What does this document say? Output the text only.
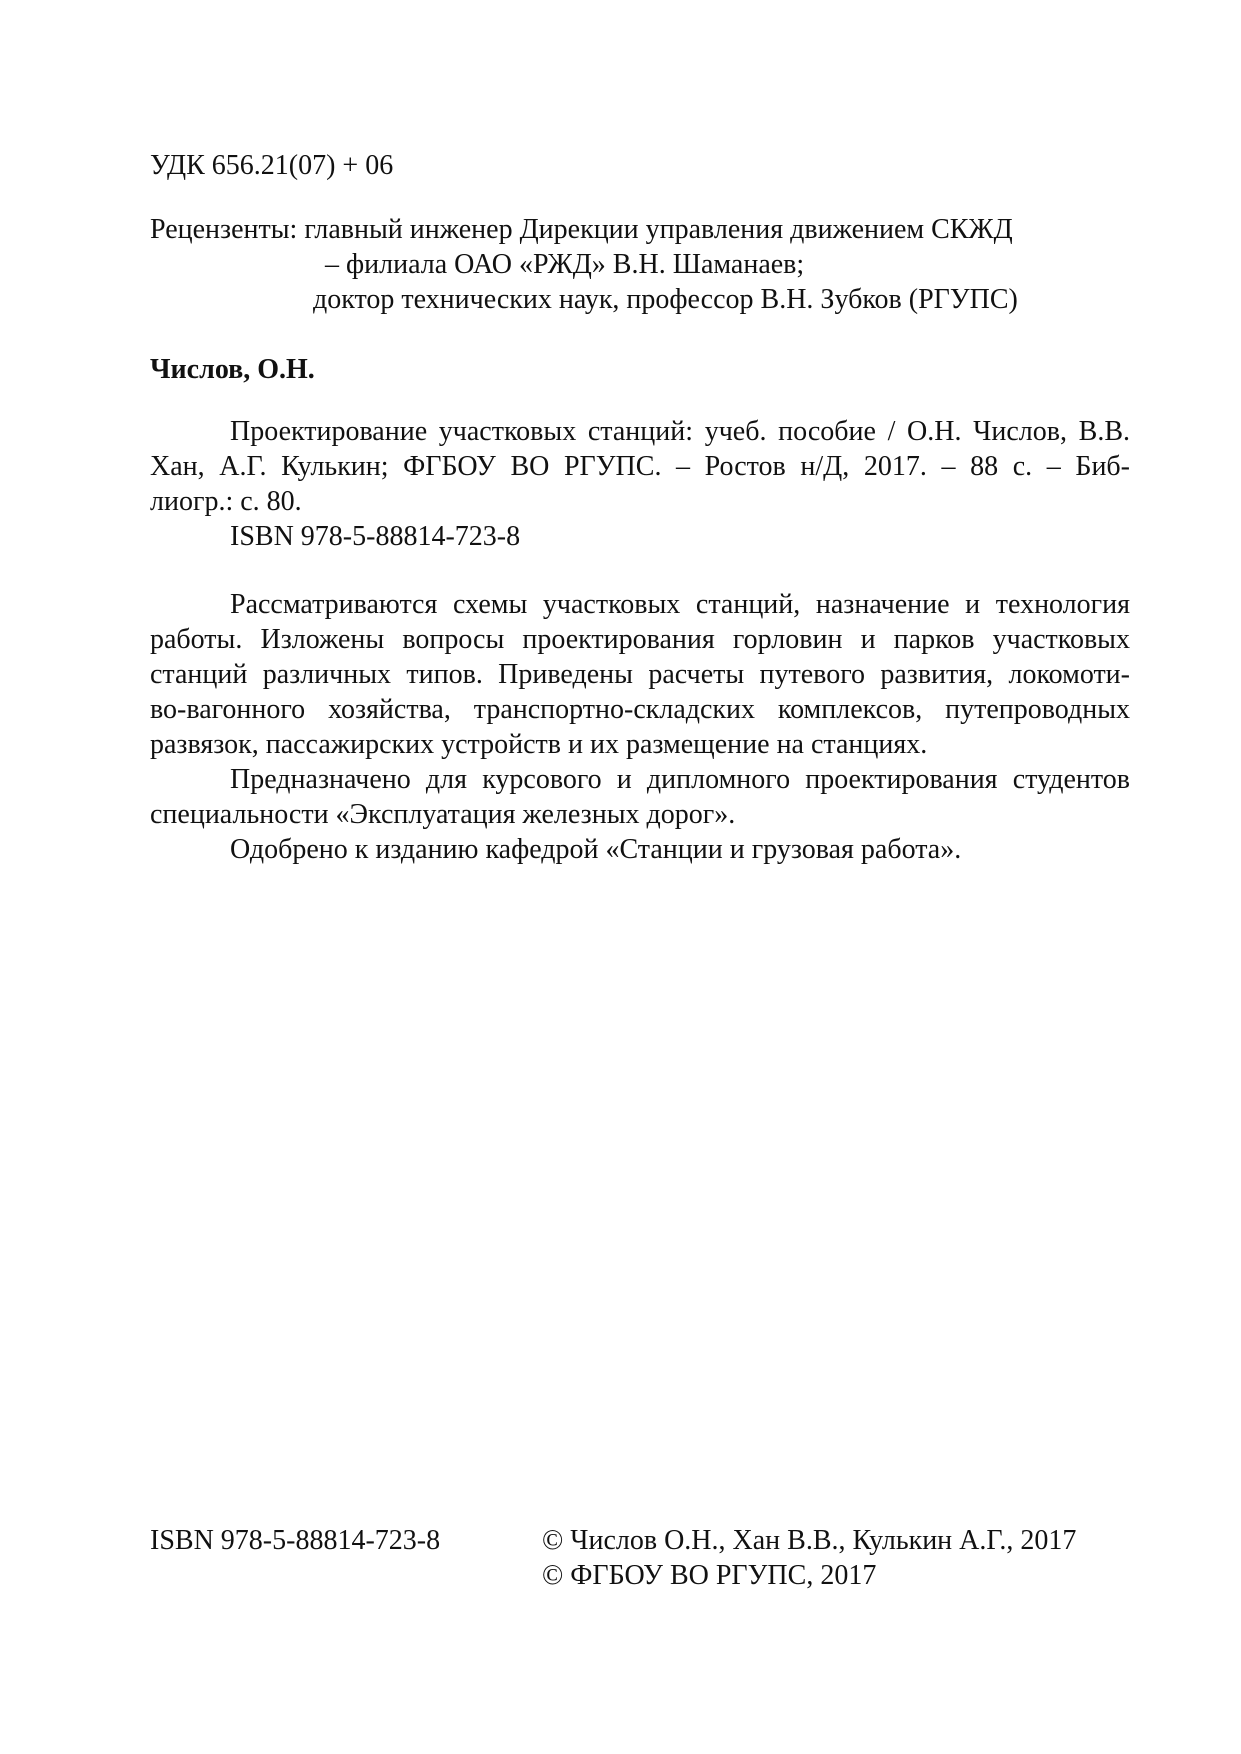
УДК 656.21(07) + 06
Рецензенты: главный инженер Дирекции управления движением СКЖД
– филиала ОАО «РЖД» В.Н. Шаманаев;
доктор технических наук, профессор В.Н. Зубков (РГУПС)
Числов, О.Н.
Проектирование участковых станций: учеб. пособие / О.Н. Числов, В.В.
Хан, А.Г. Кулькин; ФГБОУ ВО РГУПС. – Ростов н/Д, 2017. – 88 с. – Биб-
лиогр.: с. 80.
ISBN 978-5-88814-723-8
Рассматриваются схемы участковых станций, назначение и технология
работы. Изложены вопросы проектирования горловин и парков участковых
станций различных типов. Приведены расчеты путевого развития, локомоти-
во-вагонного хозяйства, транспортно-складских комплексов, путепроводных
развязок, пассажирских устройств и их размещение на станциях.
Предназначено для курсового и дипломного проектирования студентов
специальности «Эксплуатация железных дорог».
Одобрено к изданию кафедрой «Станции и грузовая работа».
ISBN 978-5-88814-723-8	© Числов О.Н., Хан В.В., Кулькин А.Г., 2017
© ФГБОУ ВО РГУПС, 2017
